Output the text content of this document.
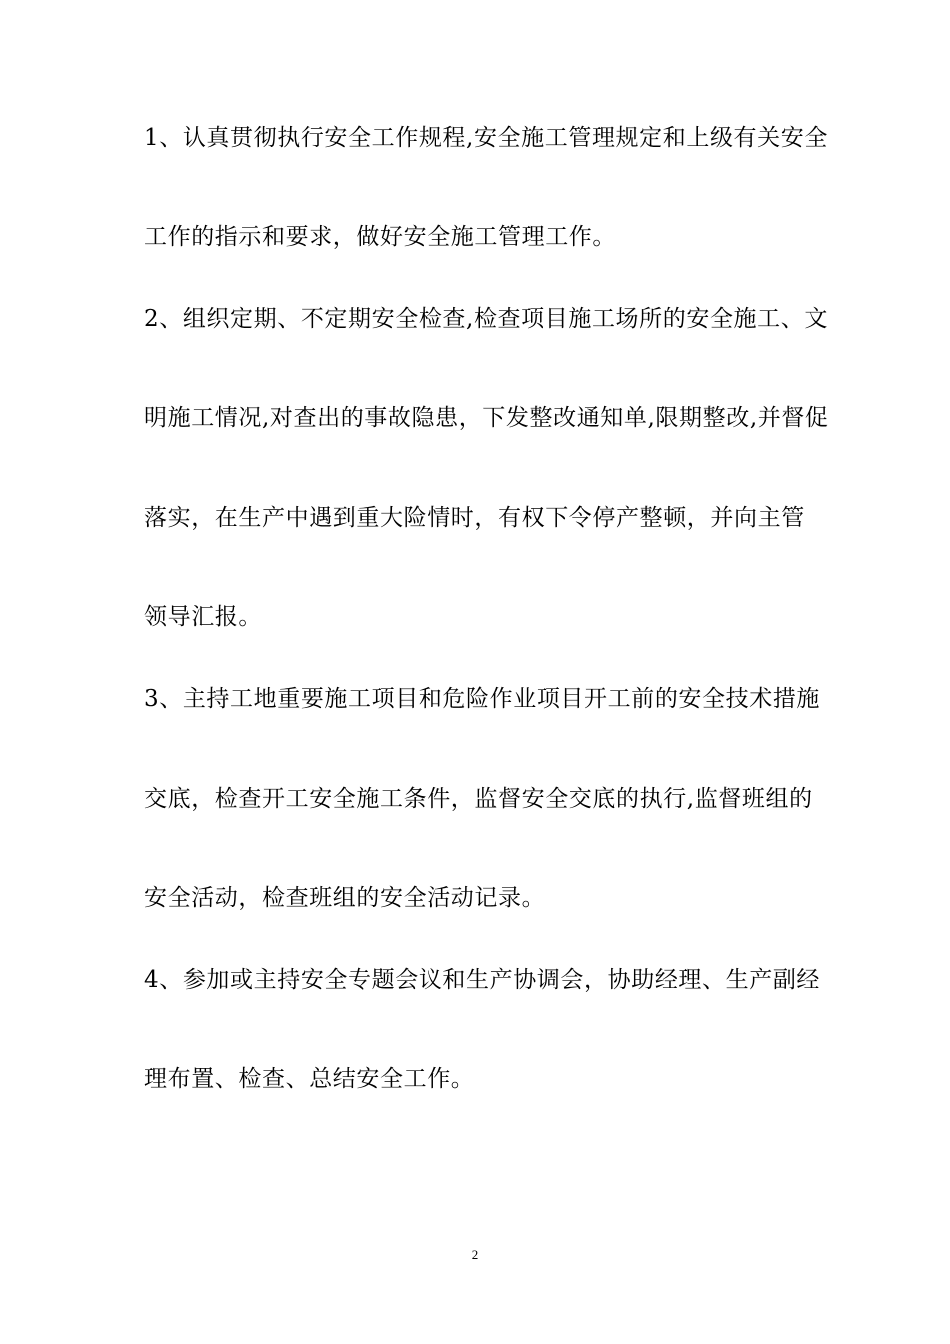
1、认真贯彻执行安全工作规程,安全施工管理规定和上级有关安全
工作的指示和要求，做好安全施工管理工作。
2、组织定期、不定期安全检查,检查项目施工场所的安全施工、文
明施工情况,对查出的事故隐患，下发整改通知单,限期整改,并督促
落实，在生产中遇到重大险情时，有权下令停产整顿，并向主管
领导汇报。
3、主持工地重要施工项目和危险作业项目开工前的安全技术措施
交底，检查开工安全施工条件，监督安全交底的执行,监督班组的
安全活动，检查班组的安全活动记录。
4、参加或主持安全专题会议和生产协调会，协助经理、生产副经
理布置、检查、总结安全工作。
2
